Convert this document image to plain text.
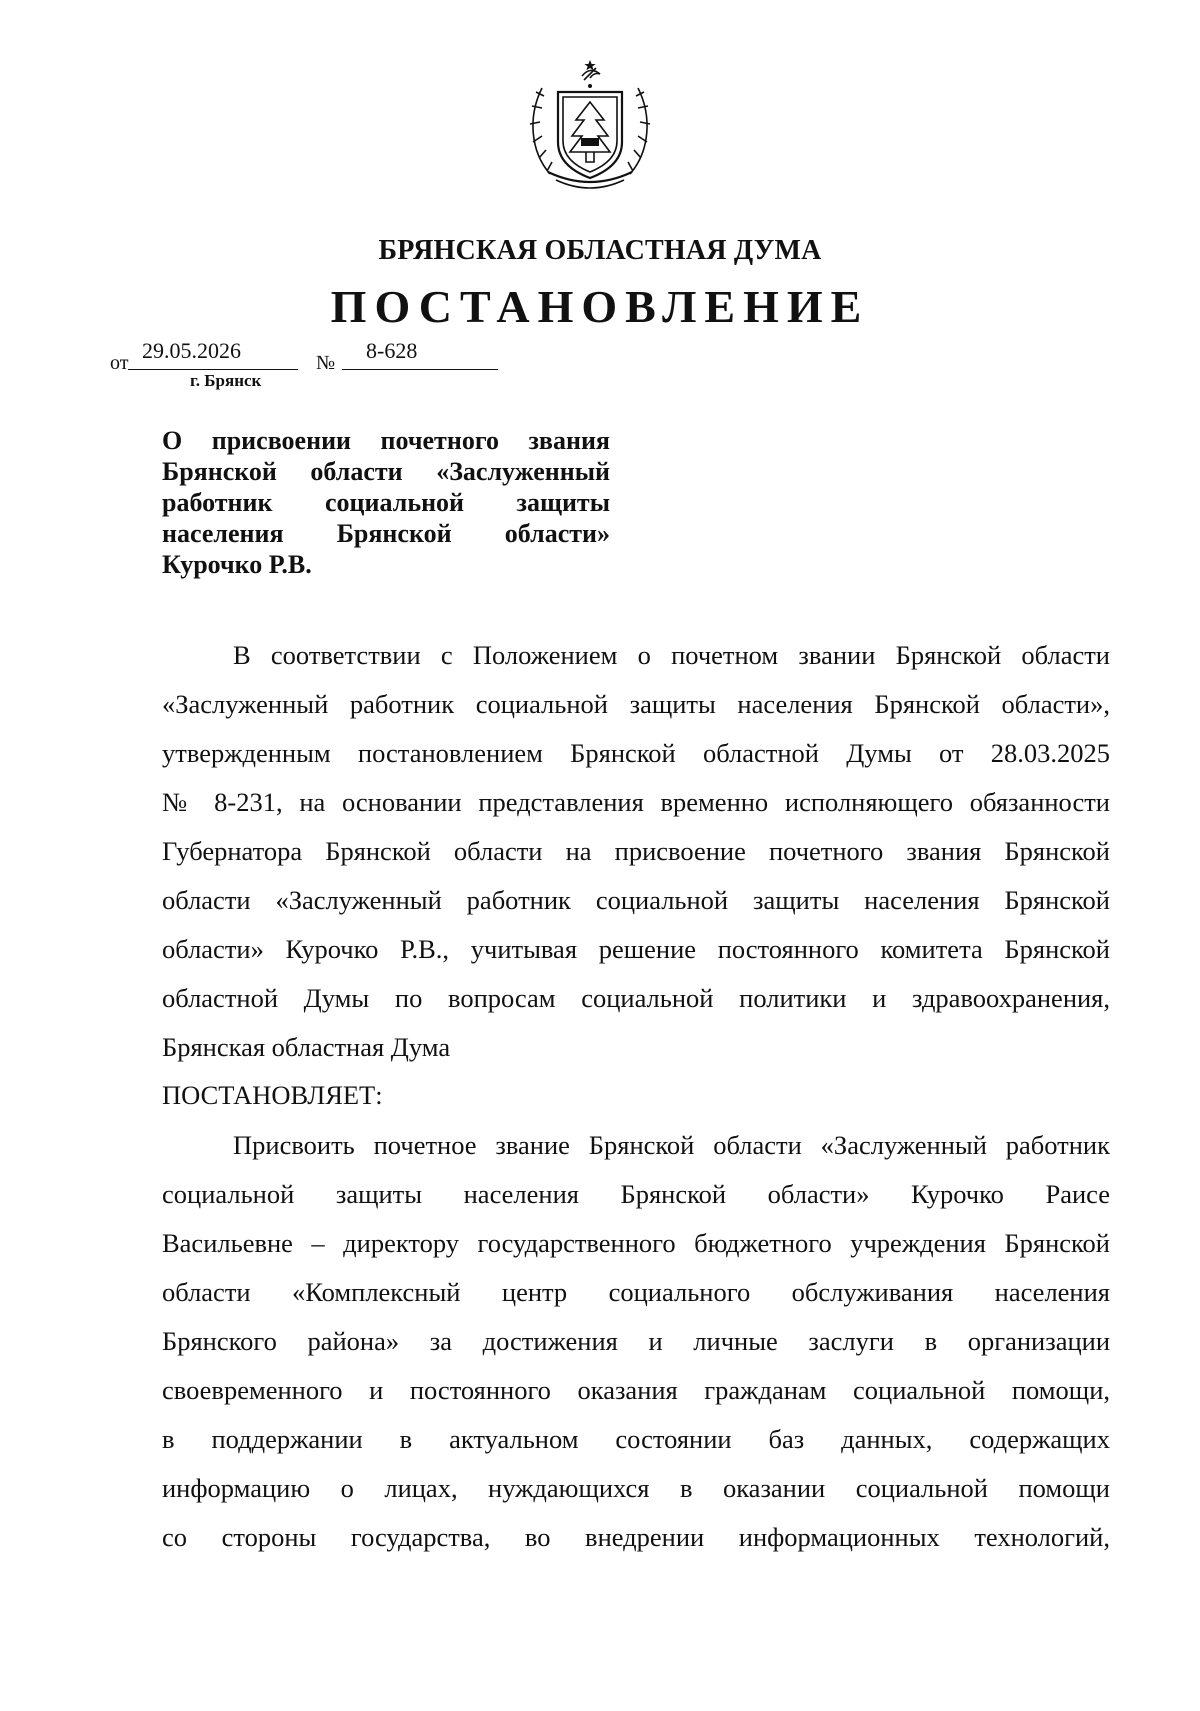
БРЯНСКАЯ ОБЛАСТНАЯ ДУМА
ПОСТАНОВЛЕНИЕ
от 29.05.2026	№ 8-628
г. Брянск
О присвоении почетного звания
Брянской области «Заслуженный
работник социальной защиты
населения Брянской области»
Курочко Р.В.
В соответствии с Положением о почетном звании Брянской области
«Заслуженный работник социальной защиты населения Брянской области»,
утвержденным постановлением Брянской областной Думы от 28.03.2025
№ 8-231, на основании представления временно исполняющего обязанности
Губернатора Брянской области на присвоение почетного звания Брянской
области «Заслуженный работник социальной защиты населения Брянской
области» Курочко Р.В., учитывая решение постоянного комитета Брянской
областной Думы по вопросам социальной политики и здравоохранения,
Брянская областная Дума
ПОСТАНОВЛЯЕТ:
Присвоить почетное звание Брянской области «Заслуженный работник
социальной защиты населения Брянской области» Курочко Раисе
Васильевне – директору государственного бюджетного учреждения Брянской
области «Комплексный центр социального обслуживания населения
Брянского района» за достижения и личные заслуги в организации
своевременного и постоянного оказания гражданам социальной помощи,
в поддержании в актуальном состоянии баз данных, содержащих
информацию о лицах, нуждающихся в оказании социальной помощи
со стороны государства, во внедрении информационных технологий,
